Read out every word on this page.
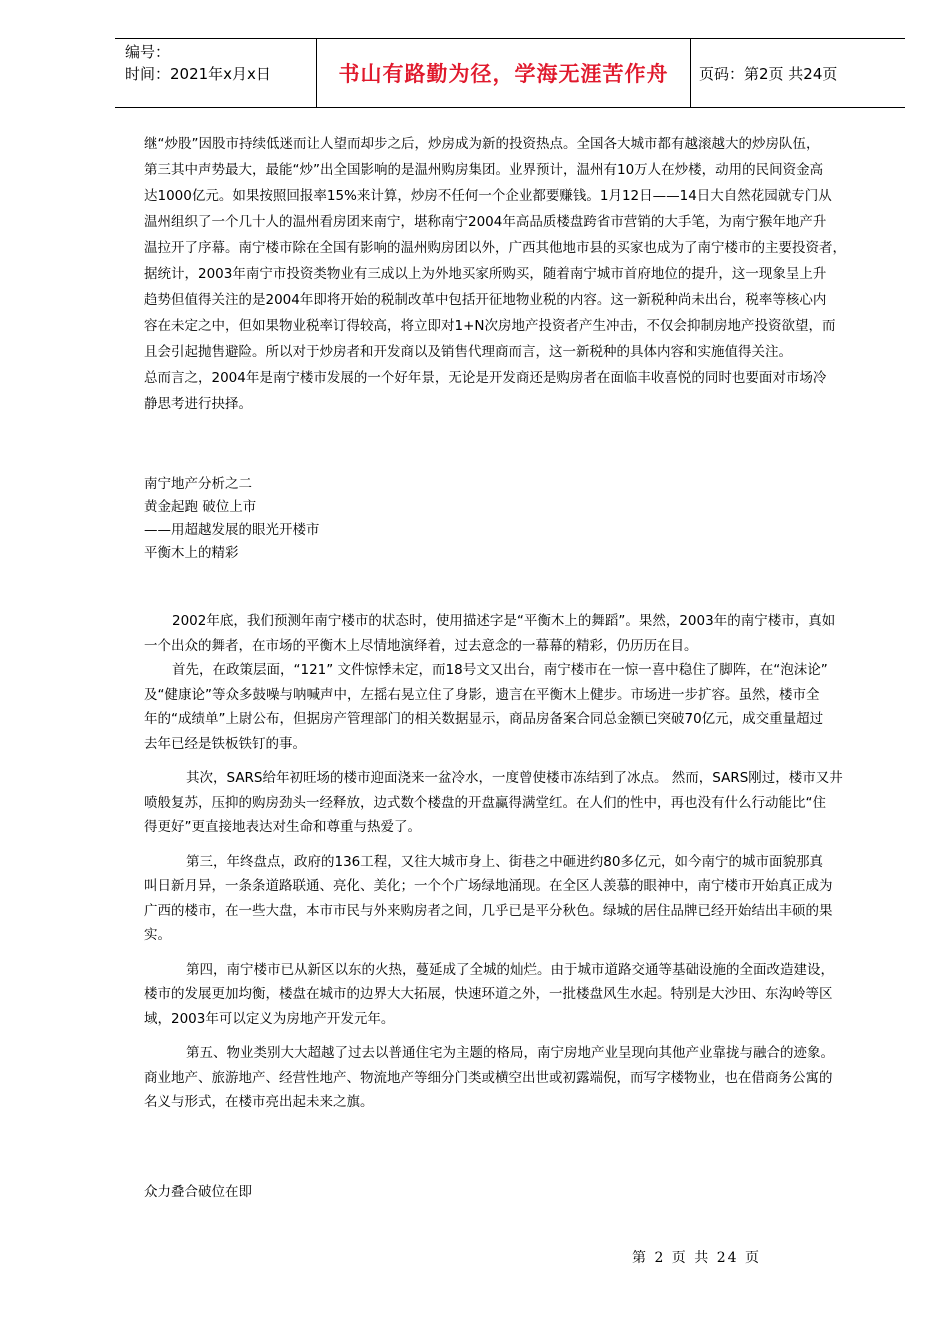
编号：
时间：2021年x月x日	书山有路勤为径，学海无涯苦作舟	页码：第2页 共24页

继“炒股”因股市持续低迷而让人望而却步之后，炒房成为新的投资热点。全国各大城市都有越滚越大的炒房队伍，

第三其中声势最大，最能“炒”出全国影响的是温州购房集团。业界预计，温州有10万人在炒楼，动用的民间资金高

达1000亿元。如果按照回报率15%来计算，炒房不任何一个企业都要赚钱。1月12日——14日大自然花园就专门从

温州组织了一个几十人的温州看房团来南宁，堪称南宁2004年高品质楼盘跨省市营销的大手笔，为南宁猴年地产升

温拉开了序幕。南宁楼市除在全国有影响的温州购房团以外，广西其他地市县的买家也成为了南宁楼市的主要投资者，

据统计，2003年南宁市投资类物业有三成以上为外地买家所购买，随着南宁城市首府地位的提升，这一现象呈上升

趋势但值得关注的是2004年即将开始的税制改革中包括开征地物业税的内容。这一新税种尚未出台，税率等核心内

容在未定之中，但如果物业税率订得较高，将立即对1+N次房地产投资者产生冲击，不仅会抑制房地产投资欲望，而

且会引起抛售避险。所以对于炒房者和开发商以及销售代理商而言，这一新税种的具体内容和实施值得关注。

总而言之，2004年是南宁楼市发展的一个好年景，无论是开发商还是购房者在面临丰收喜悦的同时也要面对市场冷

静思考进行抉择。

南宁地产分析之二

黄金起跑 破位上市

——用超越发展的眼光开楼市

平衡木上的精彩

2002年底，我们预测年南宁楼市的状态时，使用描述字是“平衡木上的舞蹈”。果然，2003年的南宁楼市，真如

一个出众的舞者，在市场的平衡木上尽情地演绎着，过去意念的一幕幕的精彩，仍历历在目。

首先，在政策层面，“121” 文件惊悸未定，而18号文又出台，南宁楼市在一惊一喜中稳住了脚阵，在“泡沫论”

及“健康论”等众多鼓噪与呐喊声中，左摇右晃立住了身影，遗言在平衡木上健步。市场进一步扩容。虽然，楼市全

年的“成绩单”上尉公布，但据房产管理部门的相关数据显示，商品房备案合同总金额已突破70亿元，成交重量超过

去年已经是铁板铁钉的事。

其次，SARS给年初旺场的楼市迎面浇来一盆冷水，一度曾使楼市冻结到了冰点。 然而，SARS刚过，楼市又井

喷般复苏，压抑的购房劲头一经释放，边式数个楼盘的开盘赢得满堂红。在人们的性中，再也没有什么行动能比“住

得更好”更直接地表达对生命和尊重与热爱了。

第三，年终盘点，政府的136工程，又往大城市身上、街巷之中砸进约80多亿元，如今南宁的城市面貌那真

叫日新月异，一条条道路联通、亮化、美化；一个个广场绿地涌现。在全区人羡慕的眼神中，南宁楼市开始真正成为

广西的楼市，在一些大盘，本市市民与外来购房者之间，几乎已是平分秋色。绿城的居住品牌已经开始结出丰硕的果

实。

第四，南宁楼市已从新区以东的火热，蔓延成了全城的灿烂。由于城市道路交通等基础设施的全面改造建设，

楼市的发展更加均衡，楼盘在城市的边界大大拓展，快速环道之外，一批楼盘风生水起。特别是大沙田、东沟岭等区

域，2003年可以定义为房地产开发元年。

第五、物业类别大大超越了过去以普通住宅为主题的格局，南宁房地产业呈现向其他产业靠拢与融合的迹象。

商业地产、旅游地产、经营性地产、物流地产等细分门类或横空出世或初露端倪，而写字楼物业，也在借商务公寓的

名义与形式，在楼市亮出起未来之旗。

众力叠合破位在即
第 2 页 共 24 页
